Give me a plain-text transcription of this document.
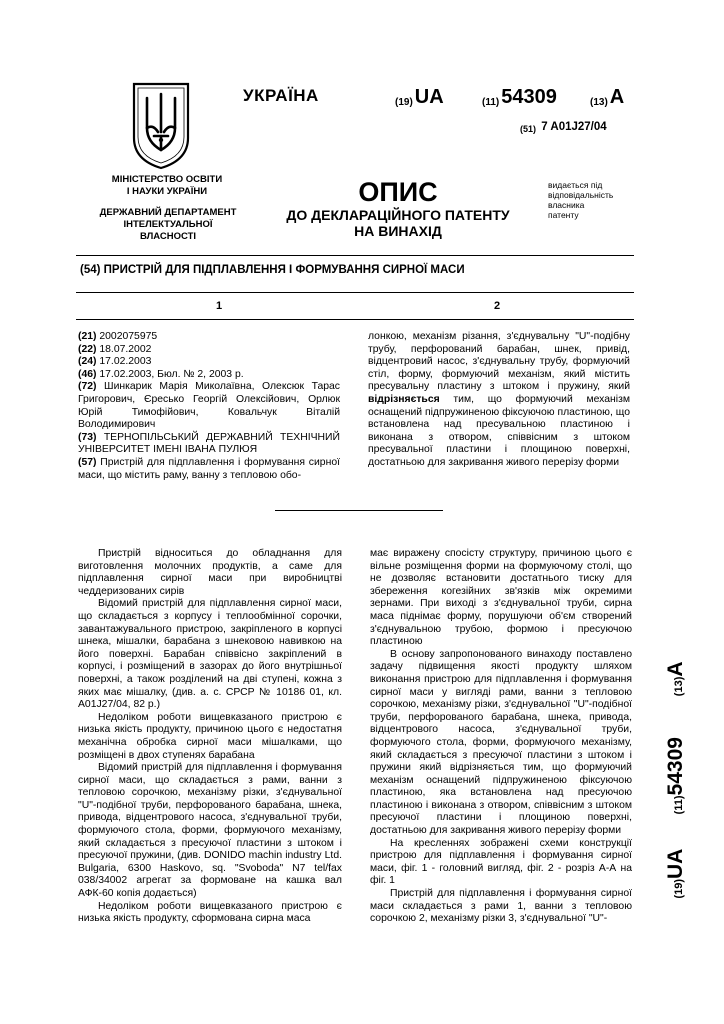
УКРАЇНА	(19) UA	(11) 54309	(13) A
(51) 7 A01J27/04
МІНІСТЕРСТВО ОСВІТИ
І НАУКИ УКРАЇНИ
ДЕРЖАВНИЙ ДЕПАРТАМЕНТ
ІНТЕЛЕКТУАЛЬНОЇ
ВЛАСНОСТІ
ОПИС
ДО ДЕКЛАРАЦІЙНОГО ПАТЕНТУ
НА ВИНАХІД
видається під
відповідальність
власника
патенту
(54) ПРИСТРІЙ ДЛЯ ПІДПЛАВЛЕННЯ І ФОРМУВАННЯ СИРНОЇ МАСИ
1	2

(21) 2002075975

(22) 18.07.2002

(24) 17.02.2003

(46) 17.02.2003, Бюл. № 2, 2003 р.

(72) Шинкарик Марія Миколаївна, Олексюк Тарас Григорович, Єресько Георгій Олексійович, Орлюк Юрій Тимофійович, Ковальчук Віталій Володимирович

(73) ТЕРНОПІЛЬСЬКИЙ ДЕРЖАВНИЙ ТЕХНІЧНИЙ УНІВЕРСИТЕТ ІМЕНІ ІВАНА ПУЛЮЯ

(57) Пристрій для підплавлення і формування сирної маси, що містить раму, ванну з тепловою обо-

лонкою, механізм різання, з'єднувальну "U"-подібну трубу, перфорований барабан, шнек, привід, відцентровий насос, з'єднувальну трубу, формуючий стіл, форму, формуючий механізм, який містить пресувальну пластину з штоком і пружину, який відрізняється тим, що формуючий механізм оснащений підпружиненою фіксуючою пластиною, що встановлена над пресувальною пластиною і виконана з отвором, співвісним з штоком пресувальної пластини і площиною поверхні, достатньою для закривання живого перерізу форми

Пристрій відноситься до обладнання для виготовлення молочних продуктів, а саме для підплавлення сирної маси при виробництві чеддеризованих сирів

Відомий пристрій для підплавлення сирної маси, що складається з корпусу і теплообмінної сорочки, завантажувального пристрою, закріпленого в корпусі шнека, мішалки, барабана з шнековою навивкою на його поверхні. Барабан співвісно закріплений в корпусі, і розміщений в зазорах до його внутрішньої поверхні, а також розділений на дві ступені, кожна з яких має мішалку, (див. а. с. СРСР № 10186 01, кл. А01J27/04, 82 р.)

Недоліком роботи вищевказаного пристрою є низька якість продукту, причиною цього є недостатня механічна обробка сирної маси мішалками, що розміщені в двох ступенях барабана

Відомий пристрій для підплавлення і формування сирної маси, що складається з рами, ванни з тепловою сорочкою, механізму різки, з'єднувальної "U"-подібної труби, перфорованого барабана, шнека, привода, відцентрового насоса, з'єднувальної труби, формуючого стола, форми, формуючого механізму, який складається з пресуючої пластини з штоком і пресуючої пружини, (див. DONIDO machin industry Ltd. Bulgaria, 6300 Haskovo, sq. "Svoboda" N7 tel/fax 038/34002 агрегат за формоване на кашка вал АФК-60 копія додається)

Недоліком роботи вищевказаного пристрою є низька якість продукту, сформована сирна маса

має виражену спосісту структуру, причиною цього є вільне розміщення форми на формуючому столі, що не дозволяє встановити достатнього тиску для збереження когезійних зв'язків між окремими зернами. При виході з з'єднувальної труби, сирна маса піднімає форму, порушуючи об'єм створений з'єднувальною трубою, формою і пресуючою пластиною

В основу запропонованого винаходу поставлено задачу підвищення якості продукту шляхом виконання пристрою для підплавлення і формування сирної маси у вигляді рами, ванни з тепловою сорочкою, механізму різки, з'єднувальної "U"-подібної труби, перфорованого барабана, шнека, привода, відцентрового насоса, з'єднувальної труби, формуючого стола, форми, формуючого механізму, який складається з пресуючої пластини з штоком і пружини який відрізняється тим, що формуючий механізм оснащений підпружиненою фіксуючою пластиною, яка встановлена над пресуючою пластиною і виконана з отвором, співвісним з штоком пресуючої пластини і площиною поверхні, достатньою для закривання живого перерізу форми

На кресленнях зображені схеми конструкції пристрою для підплавлення і формування сирної маси, фіг. 1 - головний вигляд, фіг. 2 - розріз А-А на фіг. 1

Пристрій для підплавлення і формування сирної маси складається з рами 1, ванни з тепловою сорочкою 2, механізму різки 3, з'єднувальної "U"-

(19)UA      (11)54309       (13)A
